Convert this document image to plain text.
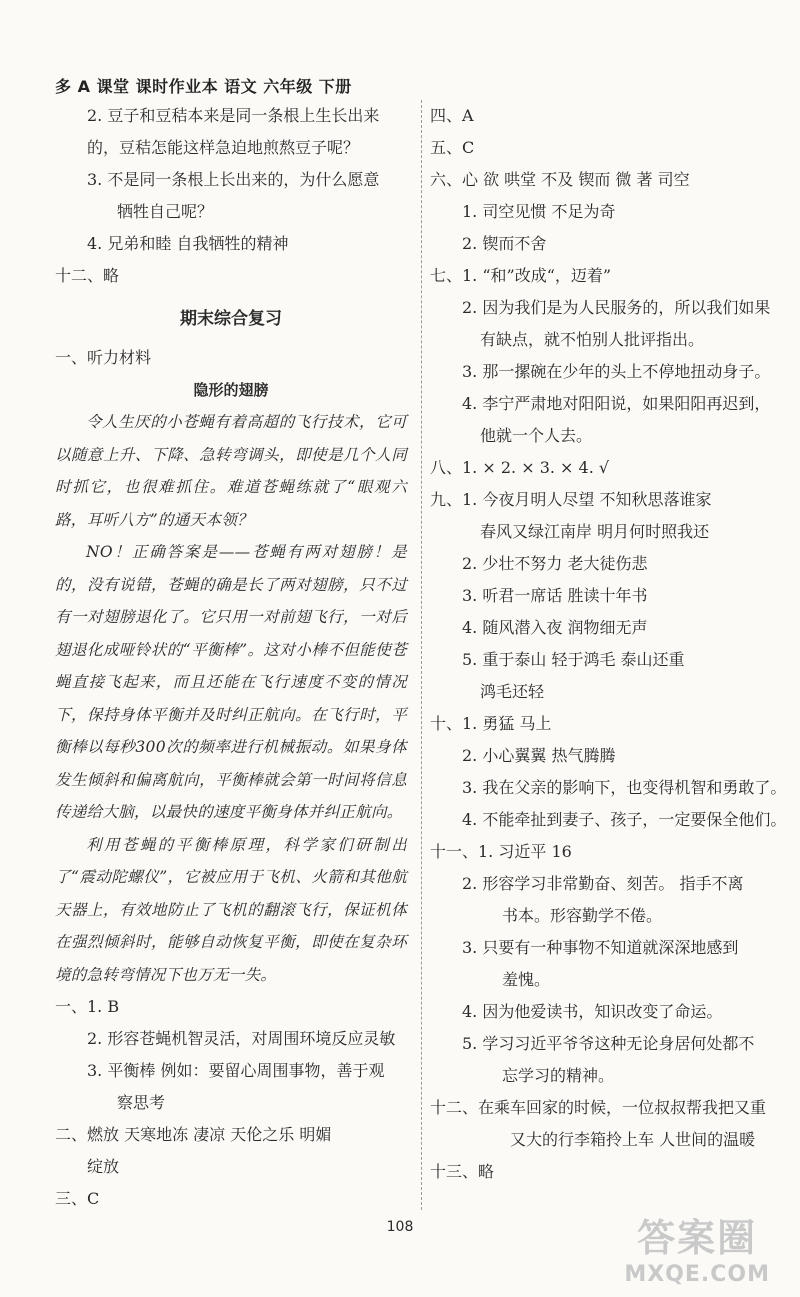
多 A 课堂 课时作业本 语文 六年级 下册
2. 豆子和豆秸本来是同一条根上生长出来
的，豆秸怎能这样急迫地煎熬豆子呢？
3. 不是同一条根上长出来的，为什么愿意
牺牲自己呢？
4. 兄弟和睦 自我牺牲的精神
十二、略
期末综合复习
一、听力材料
隐形的翅膀

令人生厌的小苍蝇有着高超的飞行技术，它可以随意上升、下降、急转弯调头，即使是几个人同时抓它，也很难抓住。难道苍蝇练就了“眼观六路，耳听八方”的通天本领？

NO！正确答案是——苍蝇有两对翅膀！是的，没有说错，苍蝇的确是长了两对翅膀，只不过有一对翅膀退化了。它只用一对前翅飞行，一对后翅退化成哑铃状的“平衡棒”。这对小棒不但能使苍蝇直接飞起来，而且还能在飞行速度不变的情况下，保持身体平衡并及时纠正航向。在飞行时，平衡棒以每秒300次的频率进行机械振动。如果身体发生倾斜和偏离航向，平衡棒就会第一时间将信息传递给大脑，以最快的速度平衡身体并纠正航向。

利用苍蝇的平衡棒原理，科学家们研制出了“震动陀螺仪”，它被应用于飞机、火箭和其他航天器上，有效地防止了飞机的翻滚飞行，保证机体在强烈倾斜时，能够自动恢复平衡，即使在复杂环境的急转弯情况下也万无一失。

一、1. B
2. 形容苍蝇机智灵活，对周围环境反应灵敏
3. 平衡棒 例如：要留心周围事物，善于观
察思考
二、燃放 天寒地冻 凄凉 天伦之乐 明媚
绽放
三、C
四、A
五、C
六、心 欲 哄堂 不及 锲而 微 著 司空
1. 司空见惯 不足为奇
2. 锲而不舍
七、1. “和”改成“，迈着”
2. 因为我们是为人民服务的，所以我们如果
有缺点，就不怕别人批评指出。
3. 那一摞碗在少年的头上不停地扭动身子。
4. 李宁严肃地对阳阳说，如果阳阳再迟到，
他就一个人去。
八、1. × 2. × 3. × 4. √
九、1. 今夜月明人尽望 不知秋思落谁家
春风又绿江南岸 明月何时照我还
2. 少壮不努力 老大徒伤悲
3. 听君一席话 胜读十年书
4. 随风潜入夜 润物细无声
5. 重于泰山 轻于鸿毛 泰山还重
鸿毛还轻
十、1. 勇猛 马上
2. 小心翼翼 热气腾腾
3. 我在父亲的影响下，也变得机智和勇敢了。
4. 不能牵扯到妻子、孩子，一定要保全他们。
十一、1. 习近平 16
2. 形容学习非常勤奋、刻苦。 指手不离
书本。形容勤学不倦。
3. 只要有一种事物不知道就深深地感到
羞愧。
4. 因为他爱读书，知识改变了命运。
5. 学习习近平爷爷这种无论身居何处都不
忘学习的精神。
十二、在乘车回家的时候，一位叔叔帮我把又重
又大的行李箱拎上车 人世间的温暖
十三、略
108	答案圈
MXQE.COM
